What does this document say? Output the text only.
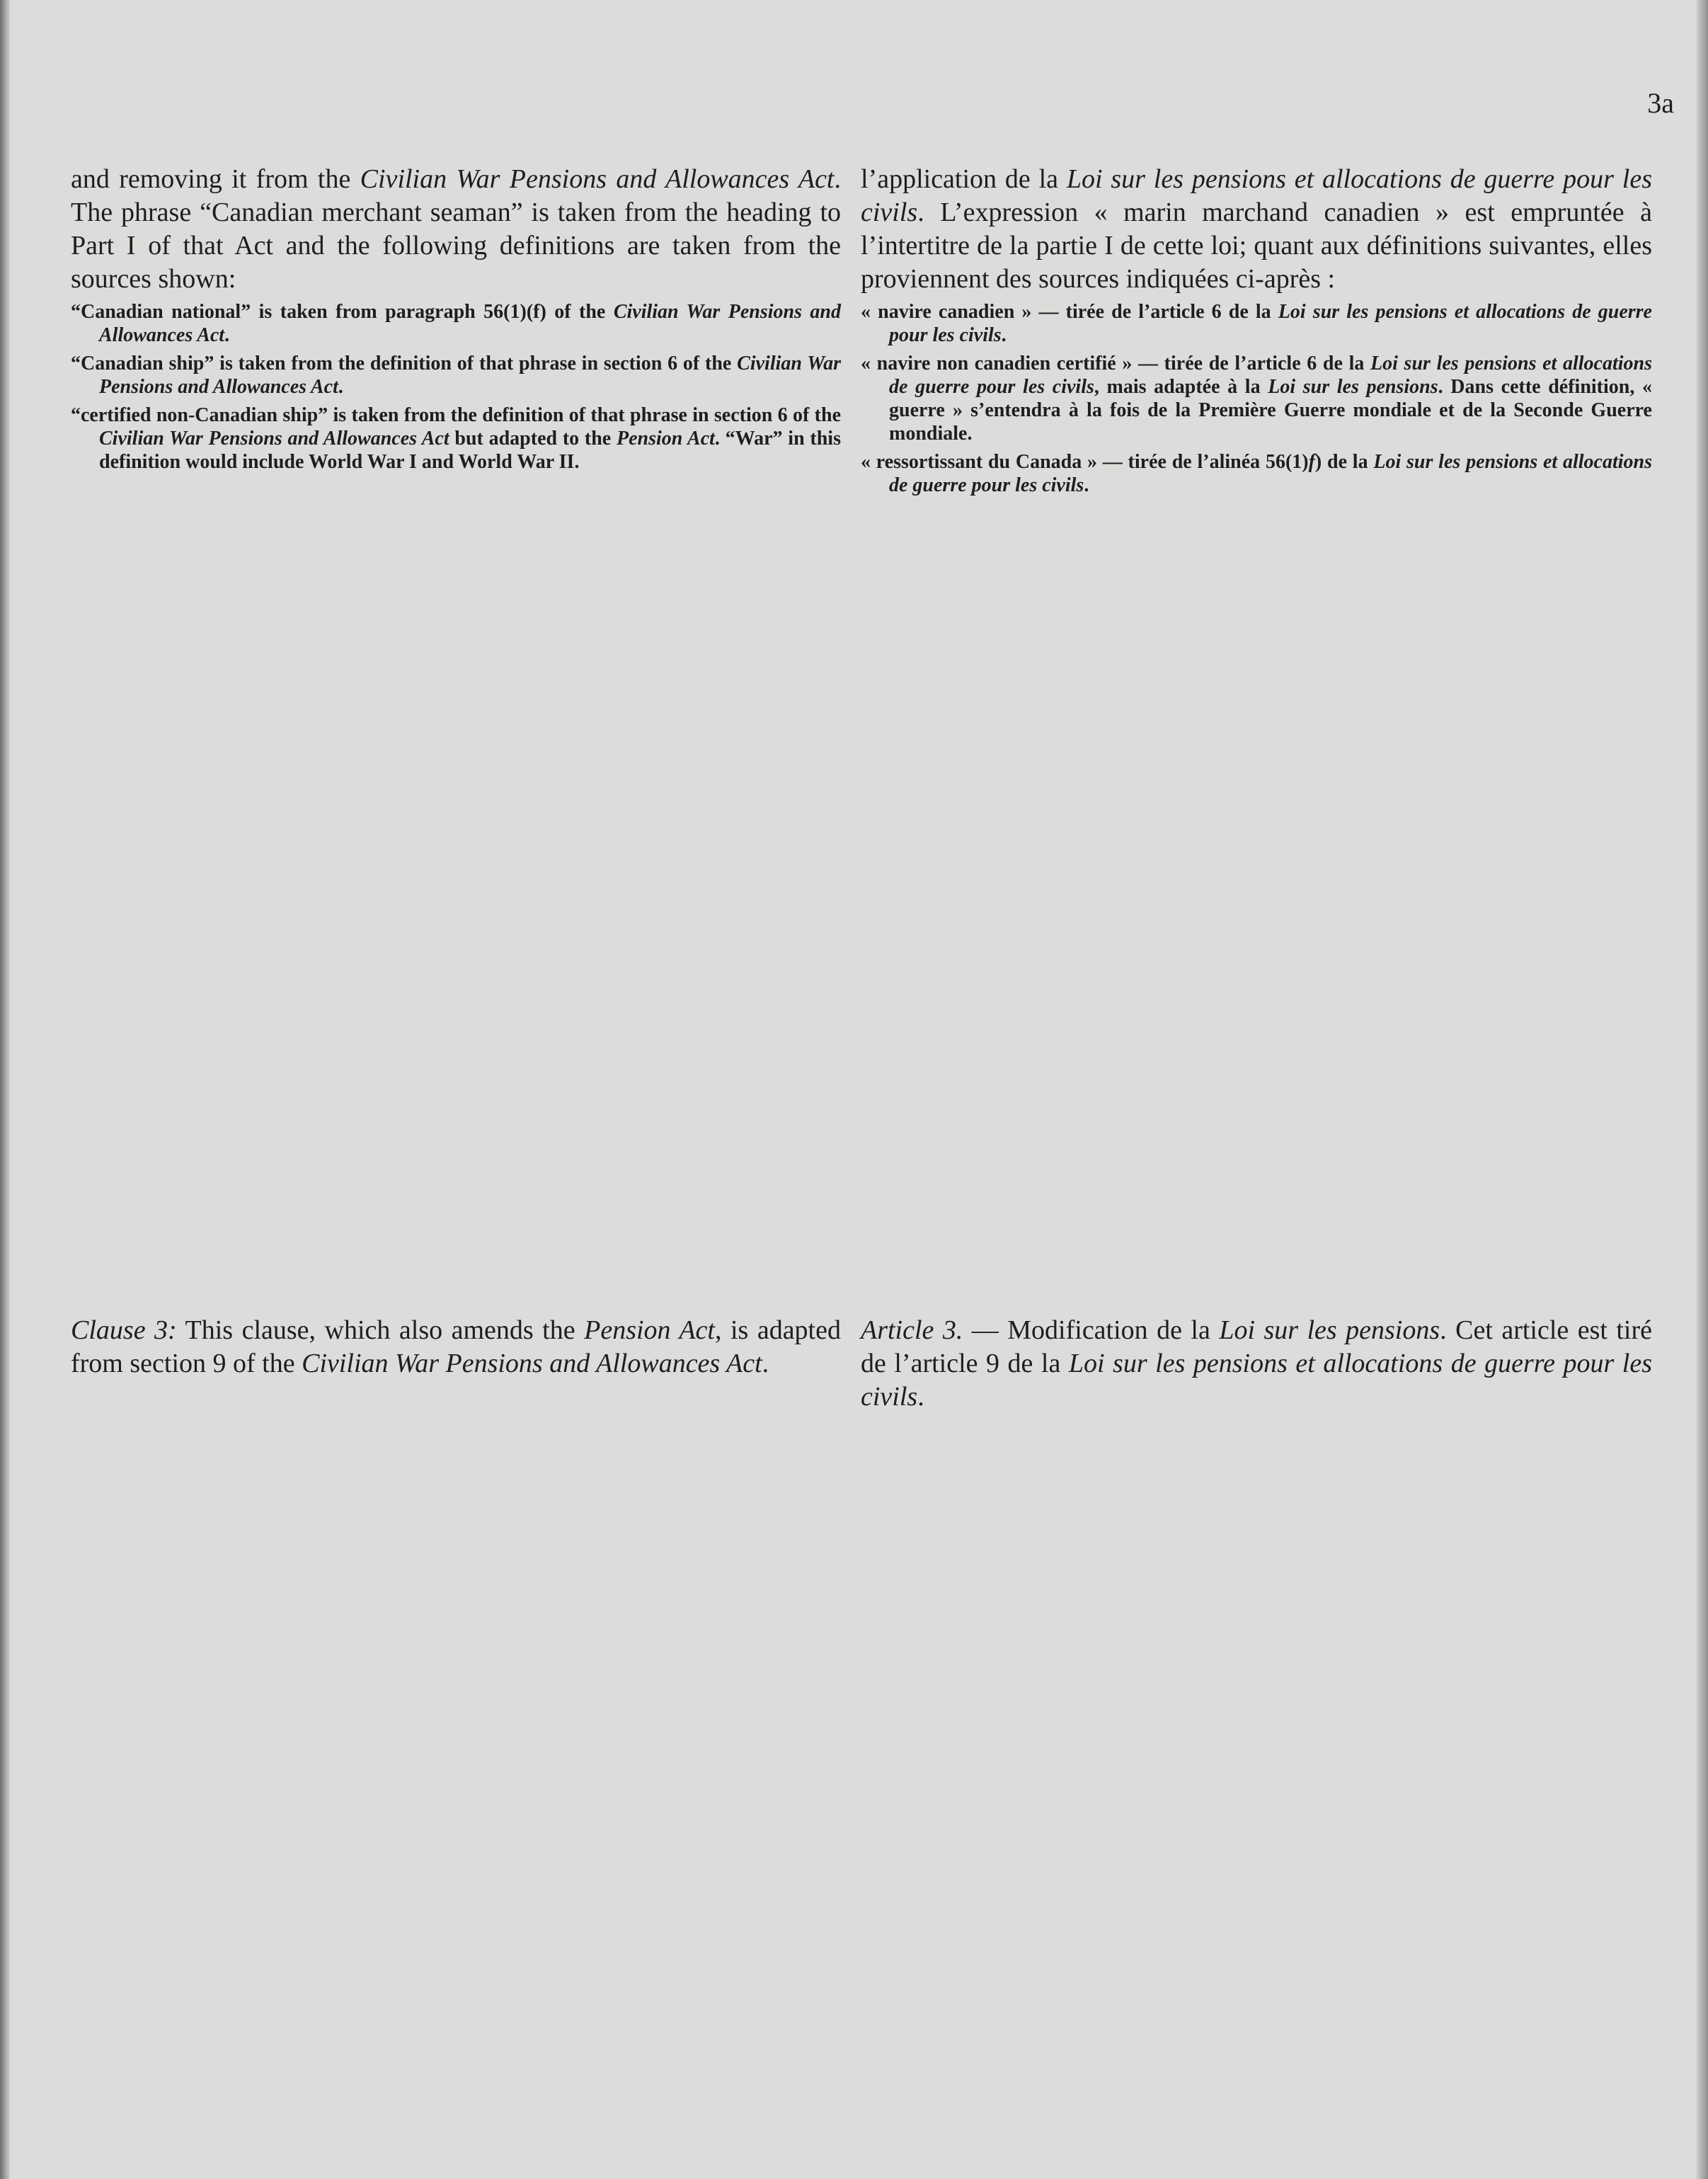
3a

and removing it from the Civilian War Pensions and Allowances Act. The phrase “Canadian merchant seaman” is taken from the heading to Part I of that Act and the following definitions are taken from the sources shown:

“Canadian national” is taken from paragraph 56(1)(f) of the Civilian War Pensions and Allowances Act.

“Canadian ship” is taken from the definition of that phrase in section 6 of the Civilian War Pensions and Allowances Act.

“certified non-Canadian ship” is taken from the definition of that phrase in section 6 of the Civilian War Pensions and Allowances Act but adapted to the Pension Act. “War” in this definition would include World War I and World War II.

l’application de la Loi sur les pensions et allocations de guerre pour les civils. L’expression « marin marchand canadien » est empruntée à l’intertitre de la partie I de cette loi; quant aux définitions suivantes, elles proviennent des sources indiquées ci-après :

« navire canadien » — tirée de l’article 6 de la Loi sur les pensions et allocations de guerre pour les civils.

« navire non canadien certifié » — tirée de l’article 6 de la Loi sur les pensions et allocations de guerre pour les civils, mais adaptée à la Loi sur les pensions. Dans cette définition, « guerre » s’entendra à la fois de la Première Guerre mondiale et de la Seconde Guerre mondiale.

« ressortissant du Canada » — tirée de l’alinéa 56(1)f) de la Loi sur les pensions et allocations de guerre pour les civils.

Clause 3: This clause, which also amends the Pension Act, is adapted from section 9 of the Civilian War Pensions and Allowances Act.

Article 3. — Modification de la Loi sur les pensions. Cet article est tiré de l’article 9 de la Loi sur les pensions et allocations de guerre pour les civils.
